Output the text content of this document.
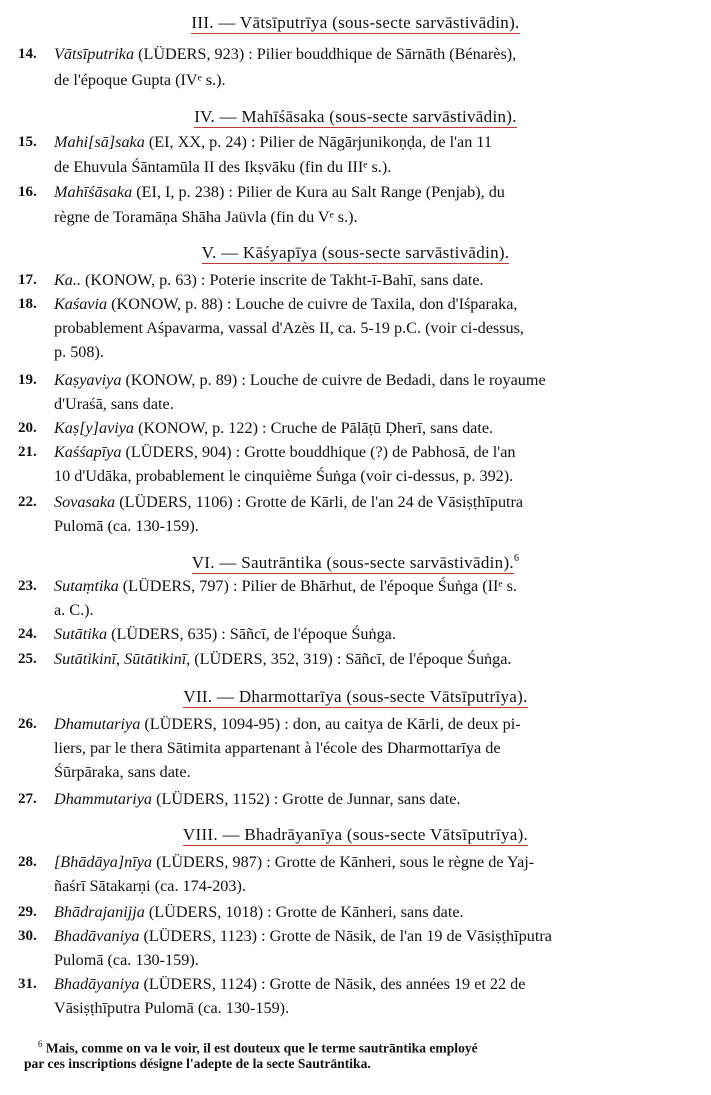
III. — Vātsīputrīya (sous-secte sarvāstivādin).
14.	Vātsīputrika (LÜDERS, 923) : Pilier bouddhique de Sārnāth (Bénarès),
de l'époque Gupta (IVᵉ s.).
IV. — Mahīśāsaka (sous-secte sarvāstivādin).
15.	Mahi[sā]saka (EI, XX, p. 24) : Pilier de Nāgārjunikoṇḍa, de l'an 11
de Ehuvula Śāntamūla II des Ikṣvāku (fin du IIIᵉ s.).
16.	Mahīśāsaka (EI, I, p. 238) : Pilier de Kura au Salt Range (Penjab), du
règne de Toramāṇa Shāha Jaüvla (fin du Vᵉ s.).
V. — Kāśyapīya (sous-secte sarvāstivādin).
17.	Ka.. (KONOW, p. 63) : Poterie inscrite de Takht-ī-Bahī, sans date.
18.	Kaśavia (KONOW, p. 88) : Louche de cuivre de Taxila, don d'Iśparaka,
probablement Aśpavarma, vassal d'Azès II, ca. 5-19 p.C. (voir ci-dessus,
p. 508).
19.	Kaṣyaviya (KONOW, p. 89) : Louche de cuivre de Bedadi, dans le royaume
d'Uraśā, sans date.
20.	Kaṣ[y]aviya (KONOW, p. 122) : Cruche de Pālāṭū Ḍherī, sans date.
21.	Kaśśapīya (LÜDERS, 904) : Grotte bouddhique (?) de Pabhosā, de l'an
10 d'Udāka, probablement le cinquième Śuṅga (voir ci-dessus, p. 392).
22.	Sovasaka (LÜDERS, 1106) : Grotte de Kārli, de l'an 24 de Vāsiṣṭhīputra
Pulomā (ca. 130-159).
VI. — Sautrāntika (sous-secte sarvāstivādin).$^6$
23.	Sutaṃtika (LÜDERS, 797) : Pilier de Bhārhut, de l'époque Śuṅga (IIᵉ s.
a. C.).
24.	Sutātika (LÜDERS, 635) : Sāñcī, de l'époque Śuṅga.
25.	Sutātikinī, Sūtātikinī, (LÜDERS, 352, 319) : Sāñcī, de l'époque Śuṅga.
VII. — Dharmottarīya (sous-secte Vātsīputrīya).
26.	Dhamutariya (LÜDERS, 1094-95) : don, au caitya de Kārli, de deux pi-
liers, par le thera Sātimita appartenant à l'école des Dharmottarīya de
Śūrpāraka, sans date.
27.	Dhammutariya (LÜDERS, 1152) : Grotte de Junnar, sans date.
VIII. — Bhadrāyanīya (sous-secte Vātsīputrīya).
28.	[Bhādāya]nīya (LÜDERS, 987) : Grotte de Kānheri, sous le règne de Yaj-
ñaśrī Sātakarṇi (ca. 174-203).
29.	Bhādrajanijja (LÜDERS, 1018) : Grotte de Kānheri, sans date.
30.	Bhadāvaniya (LÜDERS, 1123) : Grotte de Nāsik, de l'an 19 de Vāsiṣṭhīputra
Pulomā (ca. 130-159).
31.	Bhadāyaniya (LÜDERS, 1124) : Grotte de Nāsik, des années 19 et 22 de
Vāsiṣṭhīputra Pulomā (ca. 130-159).
$^6$ Mais, comme on va le voir, il est douteux que le terme sautrāntika employé
par ces inscriptions désigne l'adepte de la secte Sautrāntika.
